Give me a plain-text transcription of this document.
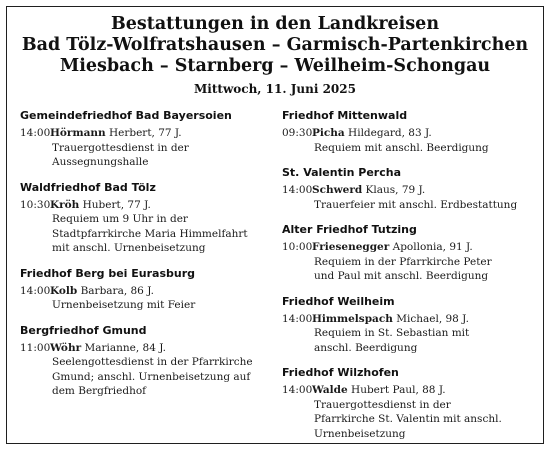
Bestattungen in den Landkreisen
Bad Tölz-Wolfratshausen – Garmisch-Partenkirchen
Miesbach – Starnberg – Weilheim-Schongau
Mittwoch, 11. Juni 2025
Gemeindefriedhof Bad Bayersoien
14:00 Hörmann Herbert, 77 J.
Trauergottesdienst in der
Aussegnungshalle
Waldfriedhof Bad Tölz
10:30 Kröh Hubert, 77 J.
Requiem um 9 Uhr in der
Stadtpfarrkirche Maria Himmelfahrt
mit anschl. Urnenbeisetzung
Friedhof Berg bei Eurasburg
14:00 Kolb Barbara, 86 J.
Urnenbeisetzung mit Feier
Bergfriedhof Gmund
11:00 Wöhr Marianne, 84 J.
Seelengottesdienst in der Pfarrkirche
Gmund; anschl. Urnenbeisetzung auf
dem Bergfriedhof
Friedhof Mittenwald
09:30 Picha Hildegard, 83 J.
Requiem mit anschl. Beerdigung
St. Valentin Percha
14:00 Schwerd Klaus, 79 J.
Trauerfeier mit anschl. Erdbestattung
Alter Friedhof Tutzing
10:00 Friesenegger Apollonia, 91 J.
Requiem in der Pfarrkirche Peter
und Paul mit anschl. Beerdigung
Friedhof Weilheim
14:00 Himmelspach Michael, 98 J.
Requiem in St. Sebastian mit
anschl. Beerdigung
Friedhof Wilzhofen
14:00 Walde Hubert Paul, 88 J.
Trauergottesdienst in der
Pfarrkirche St. Valentin mit anschl.
Urnenbeisetzung
